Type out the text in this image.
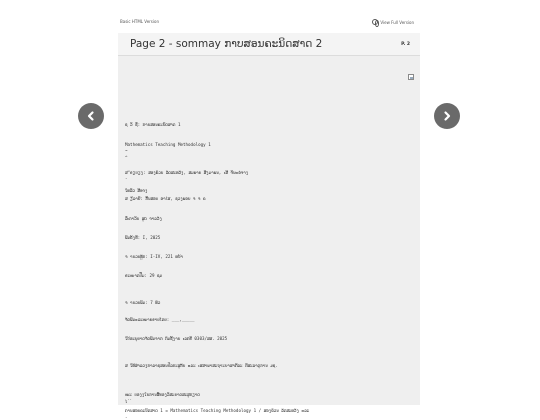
Basic HTML Version	View Full Version
Page 2 - sommay ກາບສອນຄະນິດສາດ 2	P. 2
ຊ ວິ ຊື: ການສອນຄະນິດສາດ 1
Mathematics Teaching Methodology 1
~
^
ສ ັຂຽບຽງ: ສອງຄົວນ ລັດສະຫວັງ, ສມພາຍ ສີງມາພນ, ເສີ ຈິນແອ່ຈາງ
-
ໃຫລີວ ສີທຈງ
ສ ຽັລາຍີ: ກີັນສອນ ອາໄສ, ຊວງພອນ ຈ ຈ ຄ
ລືເກາວິນ ສູດ ຈາລວັງ
ພີມຄັ້ງທີ່: I, 2025
ຈ ານວນຫຼັກ: I-IV, 221 ຫນ້າ
ຂະໜາດປື້ມ: 29 ຊມ
ຈ ານວນພິມ: 7 ຫົວ
ຈັດພີມແລະໝາຍຂາຍໂດຍ: ___,_____
ໃບ້ອະນຸຍາດຈັດພີມຈາກ ກົມຊີ້ງານ ເລກທີ່ 0303/ສສ. 2025
ສ ໃຫ້ສຳລວງກາລາຊສອນປີລກະສູກັນ ແລະ ເສສາພາສະຖາະບາສາກີລະ ຕ໊ສະລາຸດການ ມຊ.
ໝະ ບອງງໃນການສີ້ທອງວິສະຍາດສະສູກຽາດ
ໄ´`
ການສອນຄະນິດສາດ 1 = Mathematics Teaching Methodology 1 / ສອງຄົວນ ລັດສະຫວັງ ແລະ
-
